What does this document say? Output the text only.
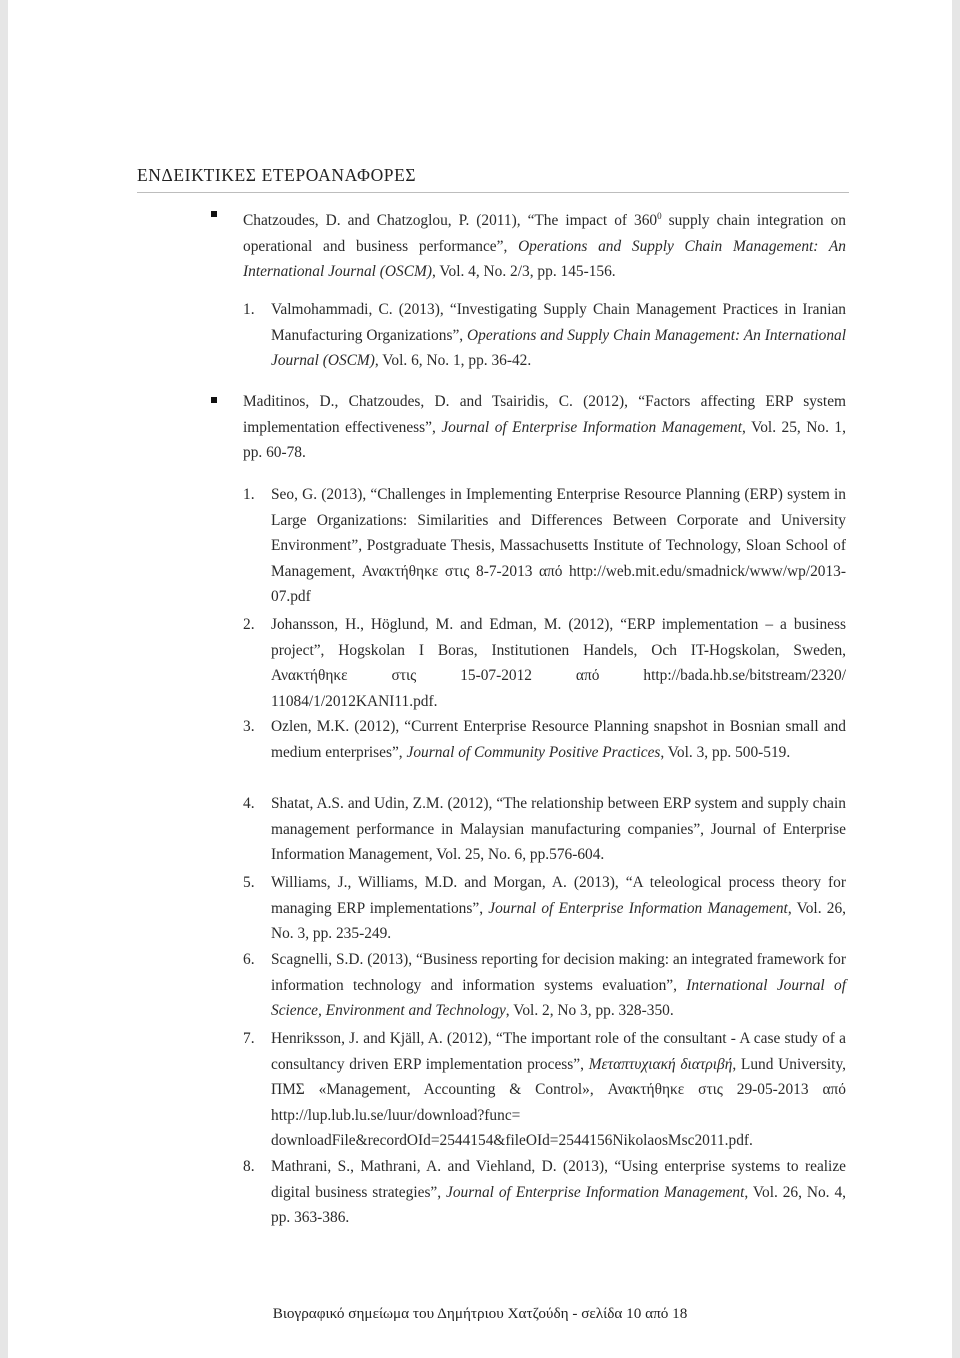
ΕΝΔΕΙΚΤΙΚΕΣ ΕΤΕΡΟΑΝΑΦΟΡΕΣ
Chatzoudes, D. and Chatzoglou, P. (2011), “The impact of $360^0$ supply chain integration on operational and business performance”, Operations and Supply Chain Management: An International Journal (OSCM), Vol. 4, No. 2/3, pp. 145-156.
1.	Valmohammadi, C. (2013), “Investigating Supply Chain Management Practices in Iranian Manufacturing Organizations”, Operations and Supply Chain Management: An International Journal (OSCM), Vol. 6, No. 1, pp. 36-42.
Maditinos, D., Chatzoudes, D. and Tsairidis, C. (2012), “Factors affecting ERP system implementation effectiveness”, Journal of Enterprise Information Management, Vol. 25, No. 1, pp. 60-78.
1.	Seo, G. (2013), “Challenges in Implementing Enterprise Resource Planning (ERP) system in Large Organizations: Similarities and Differences Between Corporate and University Environment”, Postgraduate Thesis, Massachusetts Institute of Technology, Sloan School of Management, Ανακτήθηκε στις 8-7-2013 από http://web.mit.edu/smadnick/www/wp/2013-07.pdf
2.	Johansson, H., Höglund, M. and Edman, M. (2012), “ERP implementation – a business project”, Hogskolan I Boras, Institutionen Handels, Och IT-Hogskolan, Sweden, Ανακτήθηκε στις 15-07-2012 από http://bada.hb.se/bitstream/2320/ 11084/1/2012KANI11.pdf.
3.	Ozlen, M.K. (2012), “Current Enterprise Resource Planning snapshot in Bosnian small and medium enterprises”, Journal of Community Positive Practices, Vol. 3, pp. 500-519.
4.	Shatat, A.S. and Udin, Z.M. (2012), “The relationship between ERP system and supply chain management performance in Malaysian manufacturing companies”, Journal of Enterprise Information Management, Vol. 25, No. 6, pp.576-604.
5.	Williams, J., Williams, M.D. and Morgan, A. (2013), “A teleological process theory for managing ERP implementations”, Journal of Enterprise Information Management, Vol. 26, No. 3, pp. 235-249.
6.	Scagnelli, S.D. (2013), “Business reporting for decision making: an integrated framework for information technology and information systems evaluation”, International Journal of Science, Environment and Technology, Vol. 2, No 3, pp. 328-350.
7.	Henriksson, J. and Kjäll, A. (2012), “The important role of the consultant - A case study of a consultancy driven ERP implementation process”, Μεταπτυχιακή διατριβή, Lund University, ΠΜΣ «Management, Accounting & Control», Ανακτήθηκε στις 29-05-2013 από http://lup.lub.lu.se/luur/download?func= downloadFile&recordOId=2544154&fileOId=2544156NikolaosMsc2011.pdf.
8.	Mathrani, S., Mathrani, A. and Viehland, D. (2013), “Using enterprise systems to realize digital business strategies”, Journal of Enterprise Information Management, Vol. 26, No. 4, pp. 363-386.
Βιογραφικό σημείωμα του Δημήτριου Χατζούδη - σελίδα 10 από 18
